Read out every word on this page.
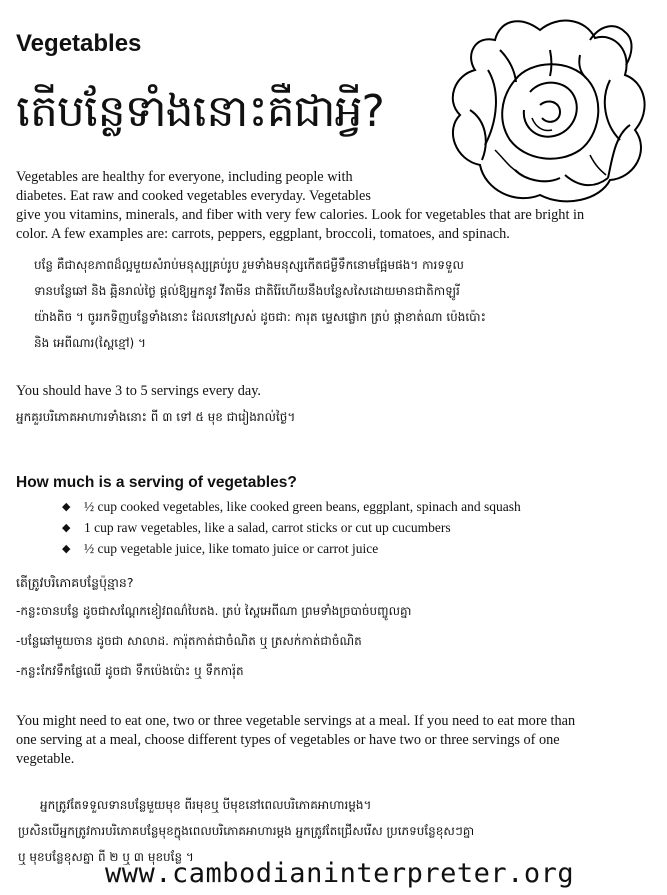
Vegetables
តើបន្លែទាំងនោះគឺជាអ្វី?
Vegetables are healthy for everyone, including people with
diabetes. Eat raw and cooked vegetables everyday. Vegetables
give you vitamins, minerals, and fiber with very few calories. Look for vegetables that are bright in
color. A few examples are: carrots, peppers, eggplant, broccoli, tomatoes, and spinach.
បន្លែ គឺជាសុខភាពដ៏ល្អមួយសំរាប់មនុស្សគ្រប់រូប រួមទាំងមនុស្សកើតជម្ងឺទឹកនោមផ្អែមផង។ ការទទួល
ទានបន្លែឆៅ និង ឆ្អិនរាល់ថ្ងៃ ផ្តល់ឱ្យអ្នកនូវ វីតាមីន ជាតិរ៉ែហើយនឹងបន្លែសសៃដោយមានជាតិកាឡូរី
យ៉ាងតិច ។ ចូររកទិញបន្លែទាំងនោះ ដែលនៅស្រស់ ដូចជា: ការុត ម្ទេសផ្លោក ត្រប់ ផ្កាខាត់ណា ប៉េងប៉ោះ
និង អេពីណារ(ស្ពៃខ្មៅ) ។
You should have 3 to 5 servings every day.
អ្នកគួរបរិភោគអាហារទាំងនោះ ពី ៣ ទៅ ៥ មុខ ជារៀងរាល់ថ្ងៃ។
How much is a serving of vegetables?
◆ ½ cup cooked vegetables, like cooked green beans, eggplant, spinach and squash
◆ 1 cup raw vegetables, like a salad, carrot sticks or cut up cucumbers
◆ ½ cup vegetable juice, like tomato juice or carrot juice
តើត្រូវបរិភោគបន្លែប៉ុន្មាន?
-កន្លះចានបន្លែ ដូចជាសណ្តែកខៀវពណ៌បៃតង. ត្រប់ ស្ពៃអេពីណា ព្រមទាំងច្របាច់បញ្ចូលគ្នា
-បន្លែឆៅមួយចាន ដូចជា សាលាដ. ការ៉ុតកាត់ជាចំណិត ឬ ត្រសក់កាត់ជាចំណិត
-កន្លះកែវទឹកផ្លែឈើ ដូចជា ទឹកប៉េងប៉ោះ ឬ ទឹកការ៉ុត
You might need to eat one, two or three vegetable servings at a meal. If you need to eat more than
one serving at a meal, choose different types of vegetables or have two or three servings of one
vegetable.
អ្នកត្រូវតែទទួលទានបន្លែមួយមុខ ពីរមុខឬ បីមុខនៅពេលបរិភោគអាហារម្តង។
ប្រសិនបើអ្នកត្រូវការបរិភោគបន្លែមុខក្នុងពេលបរិភោគអាហារម្តង អ្នកត្រូវតែជ្រើសរើស ប្រភេទបន្លែខុសៗគ្នា
ឬ មុខបន្លែខុសគ្នា ពី ២ ឬ ៣ មុខបន្លែ ។
www.cambodianinterpreter.org
